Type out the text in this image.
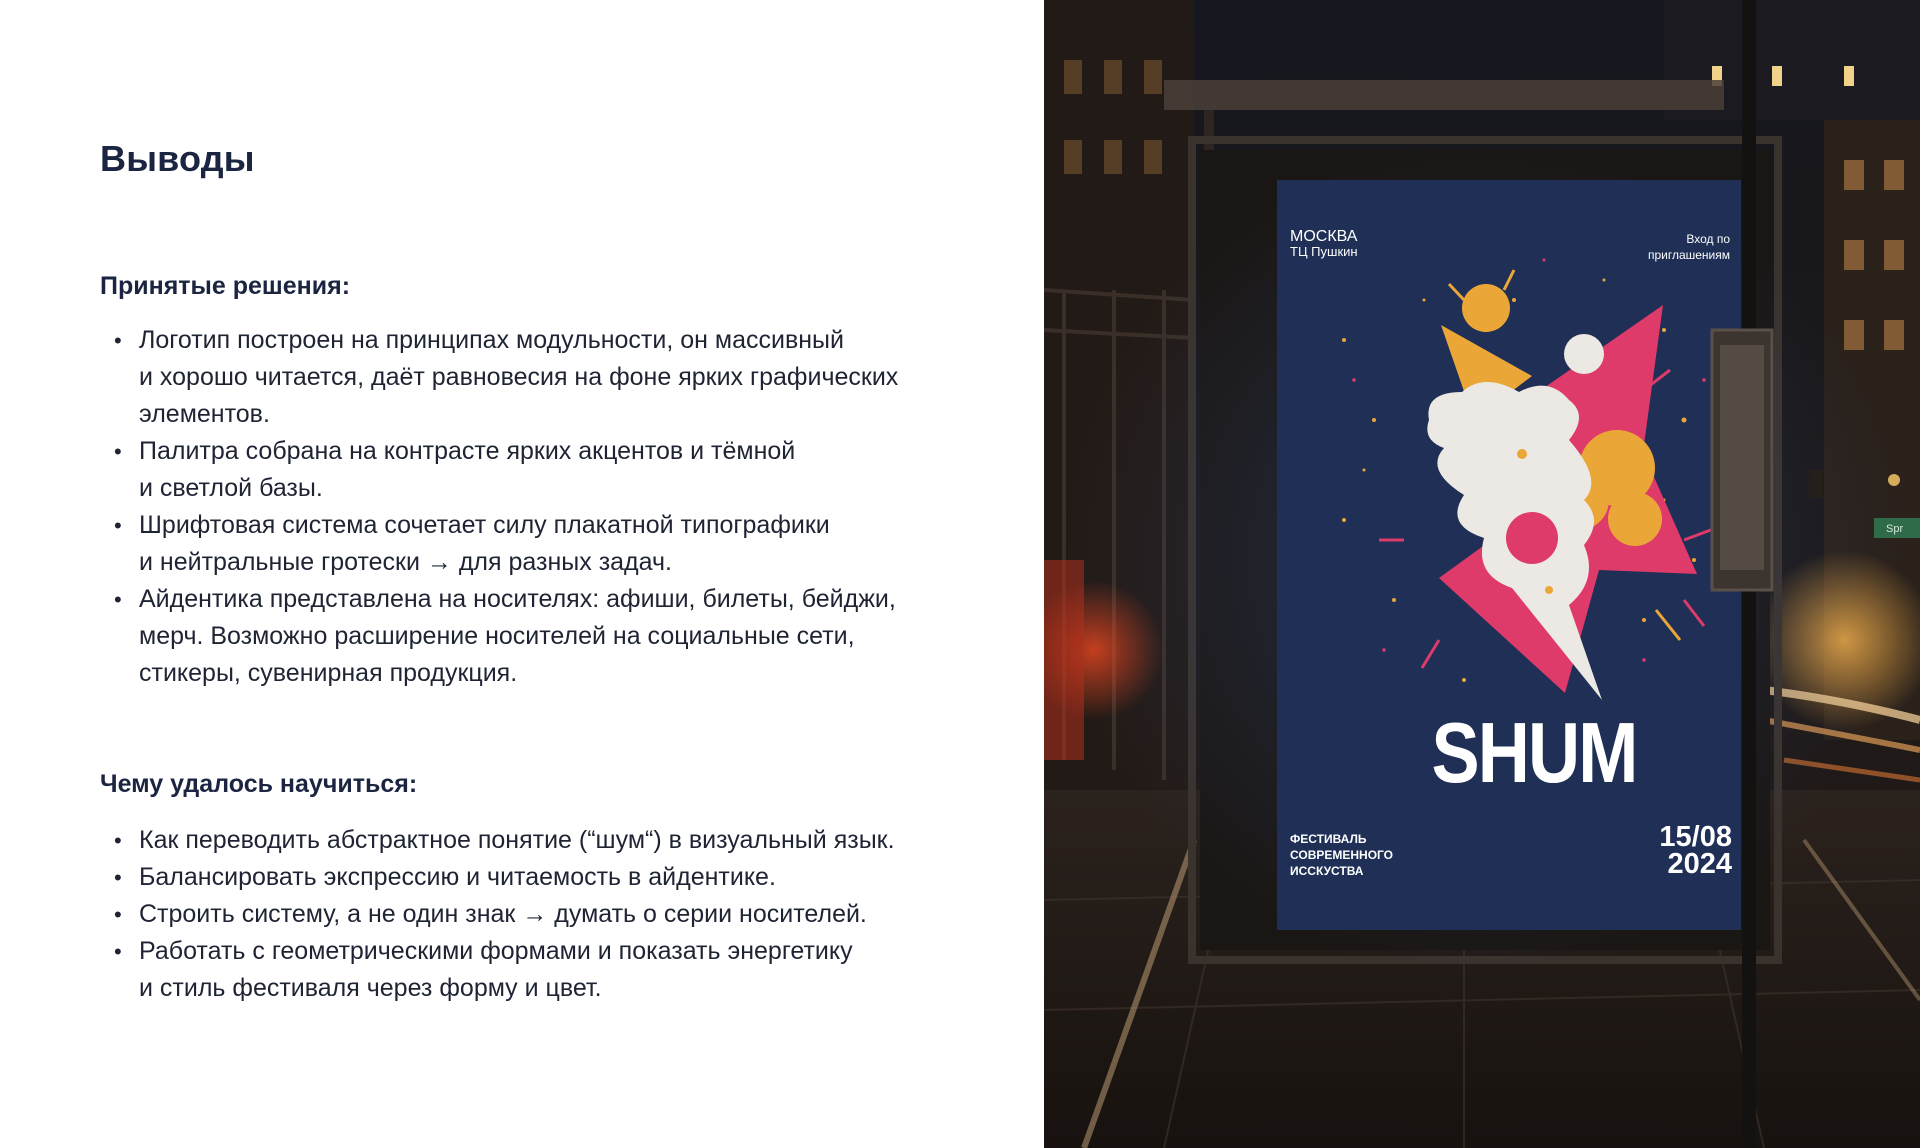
Выводы
Принятые решения:
• Логотип построен на принципах модульности, он массивный
и хорошо читается, даёт равновесия на фоне ярких графических
элементов.
• Палитра собрана на контрасте ярких акцентов и тёмной
и светлой базы.
• Шрифтовая система сочетает силу плакатной типографики
и нейтральные гротески → для разных задач.
• Айдентика представлена на носителях: афиши, билеты, бейджи,
мерч. Возможно расширение носителей на социальные сети,
стикеры, сувенирная продукция.
Чему удалось научиться:
• Как переводить абстрактное понятие (“шум“) в визуальный язык.
• Балансировать экспрессию и читаемость в айдентике.
• Строить систему, а не один знак → думать о серии носителей.
• Работать с геометрическими формами и показать энергетику
и стиль фестиваля через форму и цвет.
МОСКВА
ТЦ Пушкин
Вход по
приглашениям
SHUM
ФЕСТИВАЛЬ
СОВРЕМЕННОГО
ИССКУСТВА
15/08
2024
Spr
